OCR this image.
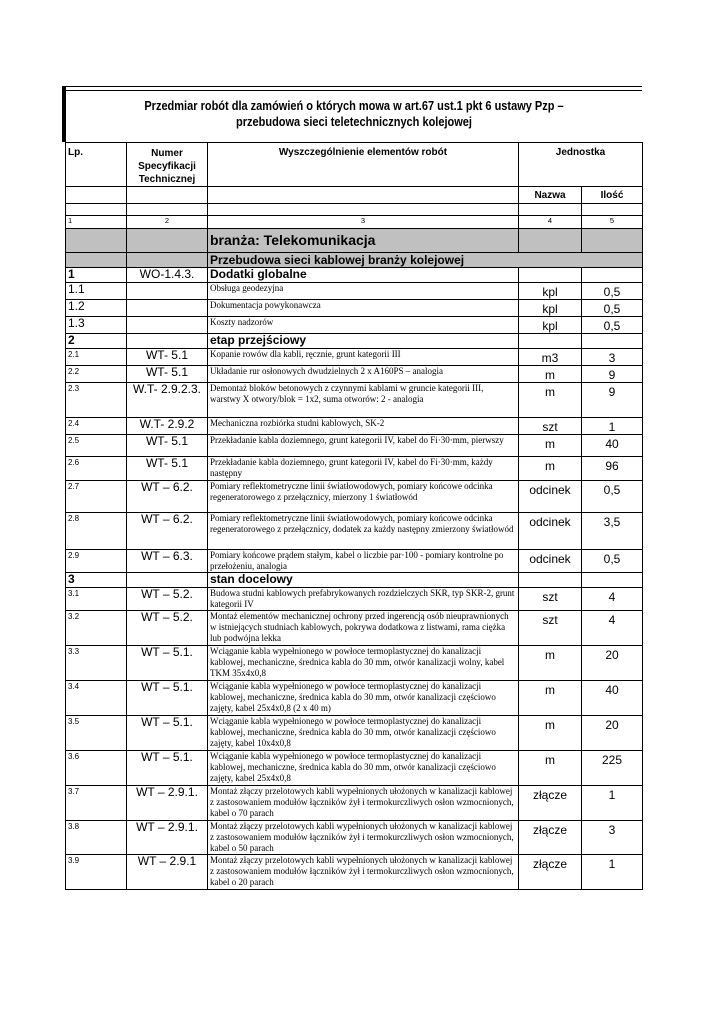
Przedmiar robót dla zamówień o których mowa w art.67 ust.1 pkt 6 ustawy Pzp – przebudowa sieci teletechnicznych kolejowej
Lp.	Numer Specyfikacji Technicznej	Wyszczególnienie elementów robót	Jednostka	
			Nazwa	Ilość

1	2	3	4	5
		branża: Telekomunikacja		
		Przebudowa sieci kablowej branży kolejowej		
1	WO-1.4.3.	Dodatki globalne		
1.1		Obsługa geodezyjna	kpl	0,5
1.2		Dokumentacja powykonawcza	kpl	0,5
1.3		Koszty nadzorów	kpl	0,5
2		etap przejściowy		
2.1	WT- 5.1	Kopanie rowów dla kabli, ręcznie, grunt kategorii III	m3	3
2.2	WT- 5.1	Układanie rur osłonowych dwudzielnych 2 x A160PS – analogia	m	9
2.3	W.T- 2.9.2.3.	Demontaż bloków betonowych z czynnymi kablami w gruncie kategorii III, warstwy X otwory/blok = 1x2, suma otworów: 2 - analogia	m	9
2.4	W.T- 2.9.2	Mechaniczna rozbiórka studni kablowych, SK-2	szt	1
2.5	WT- 5.1	Przekładanie kabla doziemnego, grunt kategorii IV, kabel do Fi·30·mm, pierwszy	m	40
2.6	WT- 5.1	Przekładanie kabla doziemnego, grunt kategorii IV, kabel do Fi·30·mm, każdy następny	m	96
2.7	WT – 6.2.	Pomiary reflektometryczne linii światłowodowych, pomiary końcowe odcinka regeneratorowego z przełącznicy, mierzony 1 światłowód	odcinek	0,5
2.8	WT – 6.2.	Pomiary reflektometryczne linii światłowodowych, pomiary końcowe odcinka regeneratorowego z przełącznicy, dodatek za każdy następny zmierzony światłowód	odcinek	3,5
2.9	WT – 6.3.	Pomiary końcowe prądem stałym, kabel o liczbie par·100 - pomiary kontrolne po przełożeniu, analogia	odcinek	0,5
3		stan docelowy		
3.1	WT – 5.2.	Budowa studni kablowych prefabrykowanych rozdzielczych SKR, typ SKR-2, grunt kategorii IV	szt	4
3.2	WT – 5.2.	Montaż elementów mechanicznej ochrony przed ingerencją osób nieuprawnionych w istniejących studniach kablowych, pokrywa dodatkowa z listwami, rama ciężka lub podwójna lekka	szt	4
3.3	WT – 5.1.	Wciąganie kabla wypełnionego w powłoce termoplastycznej do kanalizacji kablowej, mechaniczne, średnica kabla do 30 mm, otwór kanalizacji wolny, kabel TKM 35x4x0,8	m	20
3.4	WT – 5.1.	Wciąganie kabla wypełnionego w powłoce termoplastycznej do kanalizacji kablowej, mechaniczne, średnica kabla do 30 mm, otwór kanalizacji częściowo zajęty, kabel 25x4x0,8 (2 x 40 m)	m	40
3.5	WT – 5.1.	Wciąganie kabla wypełnionego w powłoce termoplastycznej do kanalizacji kablowej, mechaniczne, średnica kabla do 30 mm, otwór kanalizacji częściowo zajęty, kabel 10x4x0,8	m	20
3.6	WT – 5.1.	Wciąganie kabla wypełnionego w powłoce termoplastycznej do kanalizacji kablowej, mechaniczne, średnica kabla do 30 mm, otwór kanalizacji częściowo zajęty, kabel 25x4x0,8	m	225
3.7	WT – 2.9.1.	Montaż złączy przelotowych kabli wypełnionych ułożonych w kanalizacji kablowej z zastosowaniem modułów łączników żył i termokurczliwych osłon wzmocnionych, kabel o 70 parach	złącze	1
3.8	WT – 2.9.1.	Montaż złączy przelotowych kabli wypełnionych ułożonych w kanalizacji kablowej z zastosowaniem modułów łączników żył i termokurczliwych osłon wzmocnionych, kabel o 50 parach	złącze	3
3.9	WT – 2.9.1	Montaż złączy przelotowych kabli wypełnionych ułożonych w kanalizacji kablowej z zastosowaniem modułów łączników żył i termokurczliwych osłon wzmocnionych, kabel o 20 parach	złącze	1
